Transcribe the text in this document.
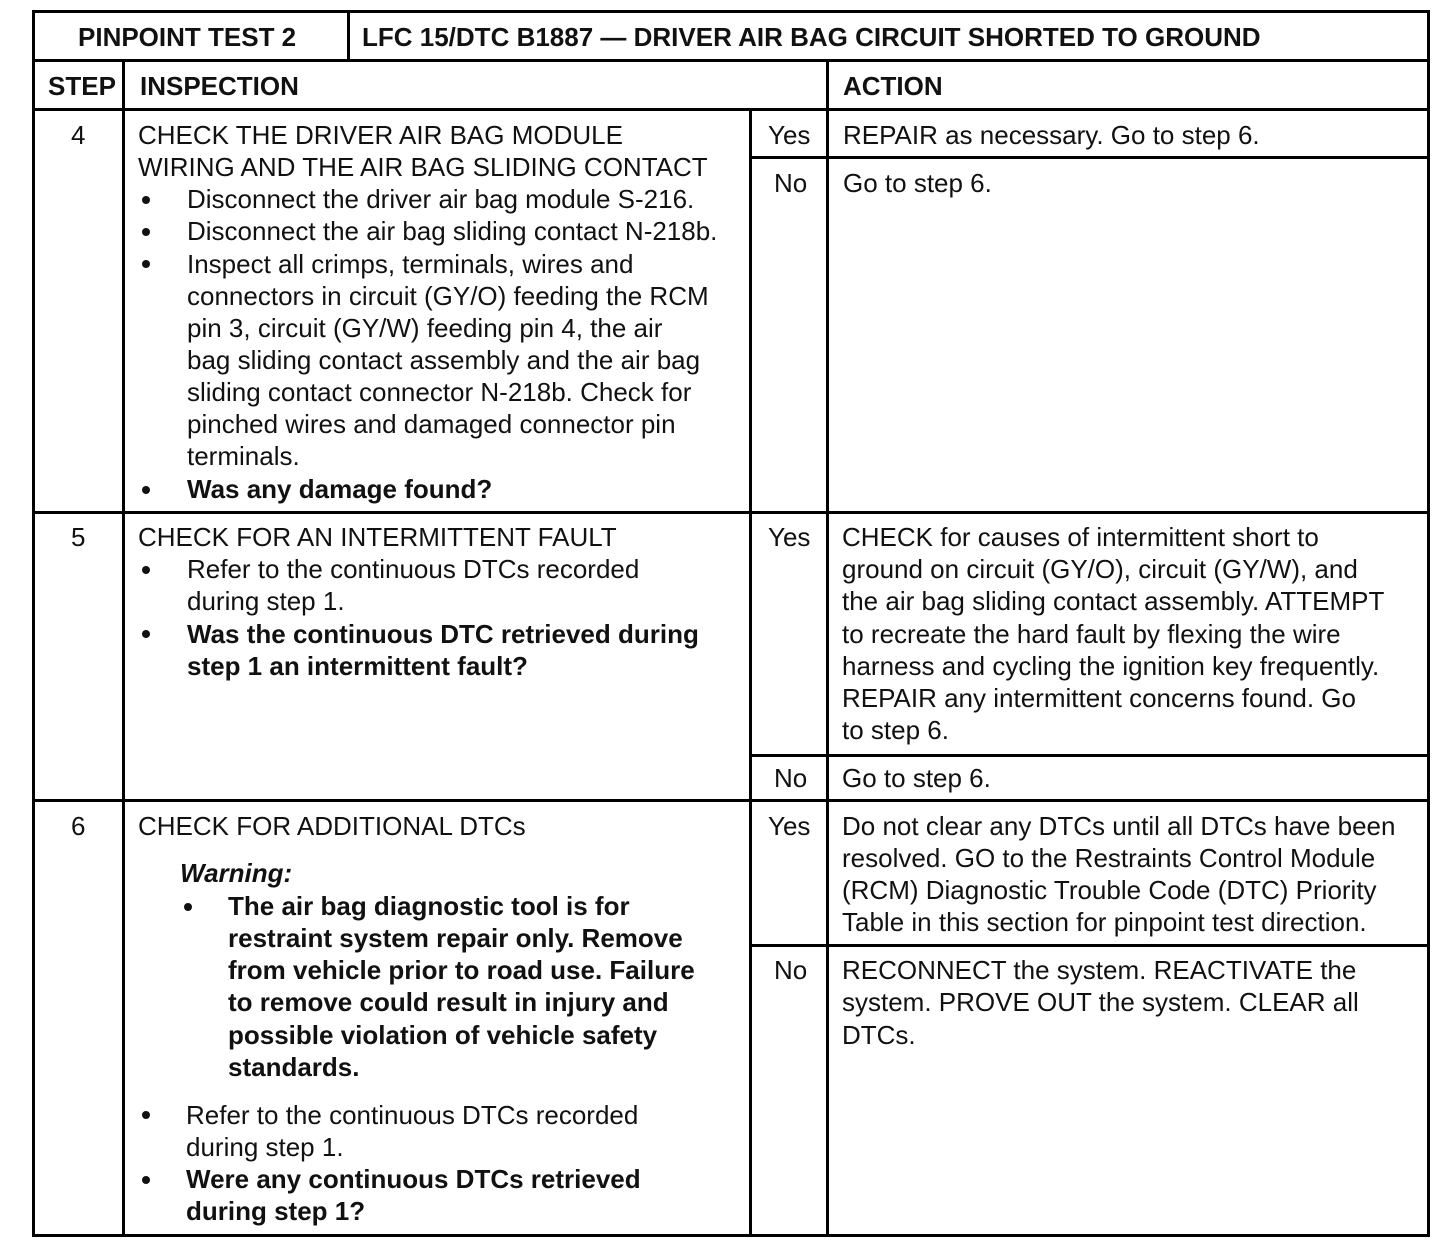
PINPOINT TEST 2	LFC 15/DTC B1887 — DRIVER AIR BAG CIRCUIT SHORTED TO GROUND
STEP INSPECTION	ACTION
4 CHECK THE DRIVER AIR BAG MODULE
WIRING AND THE AIR BAG SLIDING CONTACT
Disconnect the driver air bag module S-216.
Disconnect the air bag sliding contact N-218b.
Inspect all crimps, terminals, wires and
connectors in circuit (GY/O) feeding the RCM
pin 3, circuit (GY/W) feeding pin 4, the air
bag sliding contact assembly and the air bag
sliding contact connector N-218b. Check for
pinched wires and damaged connector pin
terminals.
Was any damage found?
Yes REPAIR as necessary. Go to step 6.
No Go to step 6.
5 CHECK FOR AN INTERMITTENT FAULT
Refer to the continuous DTCs recorded
during step 1.
Was the continuous DTC retrieved during
step 1 an intermittent fault?
Yes CHECK for causes of intermittent short to
ground on circuit (GY/O), circuit (GY/W), and
the air bag sliding contact assembly. ATTEMPT
to recreate the hard fault by flexing the wire
harness and cycling the ignition key frequently.
REPAIR any intermittent concerns found. Go
to step 6.
No Go to step 6.
6 CHECK FOR ADDITIONAL DTCs
Warning:
The air bag diagnostic tool is for
restraint system repair only. Remove
from vehicle prior to road use. Failure
to remove could result in injury and
possible violation of vehicle safety
standards.
Refer to the continuous DTCs recorded
during step 1.
Were any continuous DTCs retrieved
during step 1?
Yes Do not clear any DTCs until all DTCs have been
resolved. GO to the Restraints Control Module
(RCM) Diagnostic Trouble Code (DTC) Priority
Table in this section for pinpoint test direction.
No RECONNECT the system. REACTIVATE the
system. PROVE OUT the system. CLEAR all
DTCs.
